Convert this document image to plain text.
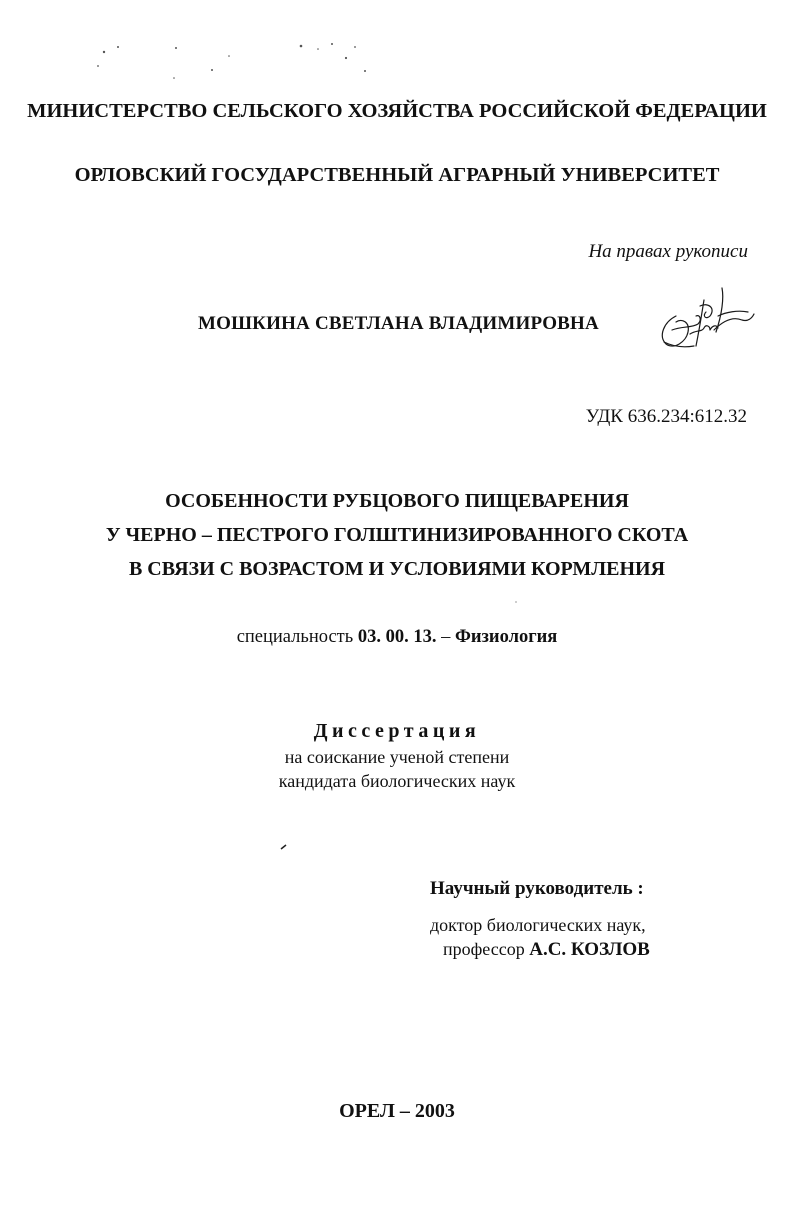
МИНИСТЕРСТВО СЕЛЬСКОГО ХОЗЯЙСТВА РОССИЙСКОЙ ФЕДЕРАЦИИ
ОРЛОВСКИЙ ГОСУДАРСТВЕННЫЙ АГРАРНЫЙ УНИВЕРСИТЕТ
На правах рукописи
МОШКИНА СВЕТЛАНА ВЛАДИМИРОВНА
УДК 636.234:612.32
ОСОБЕННОСТИ РУБЦОВОГО ПИЩЕВАРЕНИЯ
У ЧЕРНО – ПЕСТРОГО ГОЛШТИНИЗИРОВАННОГО СКОТА
В СВЯЗИ С ВОЗРАСТОМ И УСЛОВИЯМИ КОРМЛЕНИЯ
специальность 03. 00. 13. – Физиология
Диссертация
на соискание ученой степени
кандидата биологических наук
Научный руководитель :
доктор биологических наук,
профессор А.С. КОЗЛОВ
ОРЕЛ – 2003
